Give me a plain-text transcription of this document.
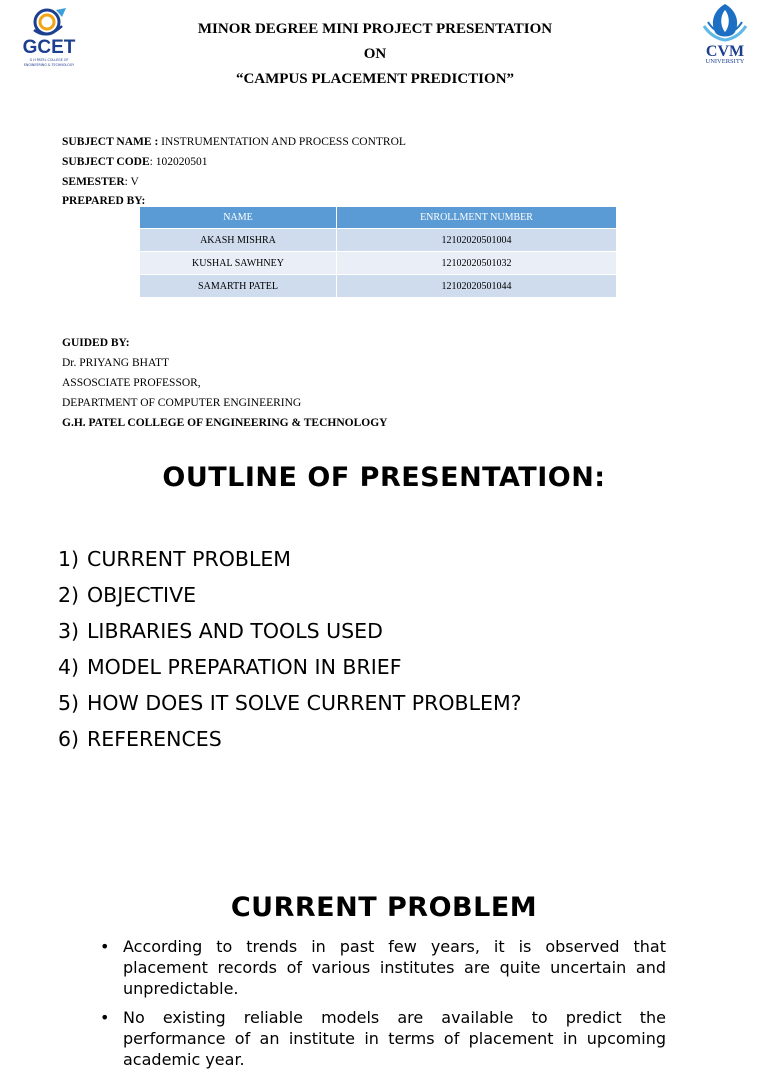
GCET
G H PATEL COLLEGE OF
ENGINEERING & TECHNOLOGY
CVM
UNIVERSITY
MINOR DEGREE MINI PROJECT PRESENTATION
ON
“CAMPUS PLACEMENT PREDICTION”
SUBJECT NAME : INSTRUMENTATION AND PROCESS CONTROL
SUBJECT CODE: 102020501
SEMESTER: V
PREPARED BY:
NAME	ENROLLMENT NUMBER
AKASH MISHRA	12102020501004
KUSHAL SAWHNEY	12102020501032
SAMARTH PATEL	12102020501044
GUIDED BY:
Dr. PRIYANG BHATT
ASSOSCIATE PROFESSOR,
DEPARTMENT OF COMPUTER ENGINEERING
G.H. PATEL COLLEGE OF ENGINEERING & TECHNOLOGY
OUTLINE OF PRESENTATION:
1) CURRENT PROBLEM
2) OBJECTIVE
3) LIBRARIES AND TOOLS USED
4) MODEL PREPARATION IN BRIEF
5) HOW DOES IT SOLVE CURRENT PROBLEM?
6) REFERENCES
CURRENT PROBLEM
• According to trends in past few years, it is observed that placement records of various institutes are quite uncertain and unpredictable.
• No existing reliable models are available to predict the performance of an institute in terms of placement in upcoming academic year.
